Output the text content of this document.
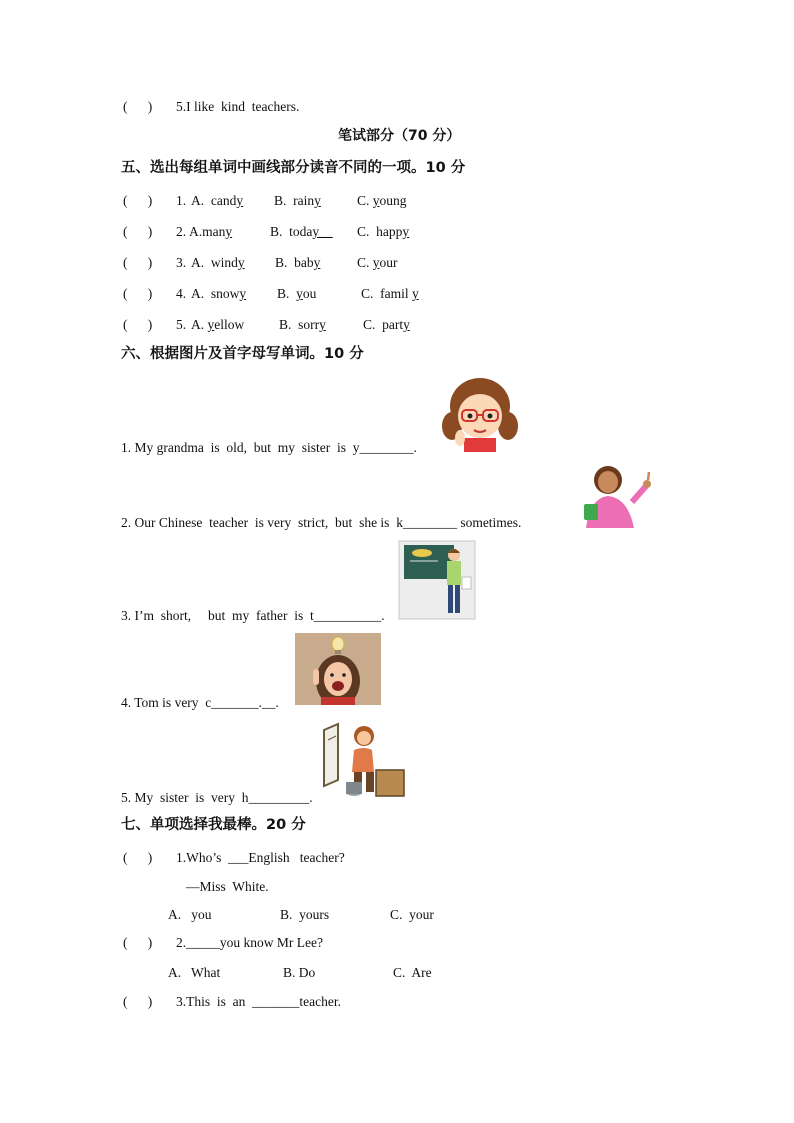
(      ) 5.I like  kind  teachers.
笔试部分（70 分）
五、选出每组单词中画线部分读音不同的一项。10 分
(      ) 1. A.  candy B.  rainy	C. young
(      ) 2. A.many	B.  today__ C.  happy
(      ) 3. A.  windy B.  baby	C. your
(      ) 4. A.  snowy B.  you	C.  famil y
(      ) 5. A. yellow	B.  sorry	C.  party
六、根据图片及首字母写单词。10 分
1. My grandma  is  old,  but  my  sister  is  y________.
2. Our Chinese  teacher  is very  strict,  but  she is  k________ sometimes.
3. I’m  short,     but  my  father  is  t__________.
4. Tom is very  c_______.__.
5. My  sister  is  very  h_________.
七、单项选择我最棒。20 分
(      ) 1.Who’s  ___English   teacher?
—Miss  White.
A.   you	B.  yours	C.  your
(      ) 2._____you know Mr Lee?
A.   What	B. Do	C.  Are
(      ) 3.This  is  an  _______teacher.
